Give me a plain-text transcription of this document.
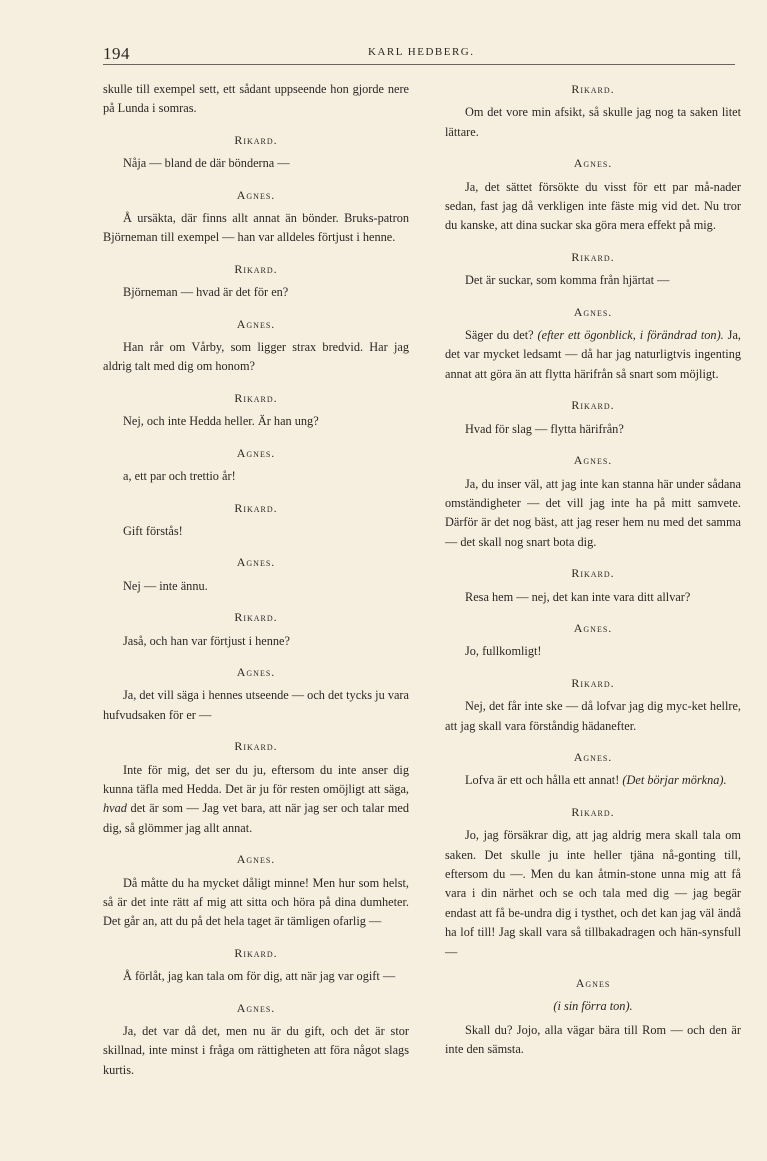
194	KARL HEDBERG.

skulle till exempel sett, ett sådant uppseende hon gjorde nere på Lunda i somras.

Rikard.

Nåja — bland de där bönderna —

Agnes.

Å ursäkta, där finns allt annat än bönder. Bruks-patron Björneman till exempel — han var alldeles förtjust i henne.

Rikard.

Björneman — hvad är det för en?

Agnes.

Han rår om Vårby, som ligger strax bredvid. Har jag aldrig talt med dig om honom?

Rikard.

Nej, och inte Hedda heller. Är han ung?

Agnes.

a, ett par och trettio år!

Rikard.

Gift förstås!

Agnes.

Nej — inte ännu.

Rikard.

Jaså, och han var förtjust i henne?

Agnes.

Ja, det vill säga i hennes utseende — och det tycks ju vara hufvudsaken för er —

Rikard.

Inte för mig, det ser du ju, eftersom du inte anser dig kunna täfla med Hedda. Det är ju för resten omöjligt att säga, hvad det är som — Jag vet bara, att när jag ser och talar med dig, så glömmer jag allt annat.

Agnes.

Då måtte du ha mycket dåligt minne! Men hur som helst, så är det inte rätt af mig att sitta och höra på dina dumheter. Det går an, att du på det hela taget är tämligen ofarlig —

Rikard.

Å förlåt, jag kan tala om för dig, att när jag var ogift —

Agnes.

Ja, det var då det, men nu är du gift, och det är stor skillnad, inte minst i fråga om rättigheten att föra något slags kurtis.

Rikard.

Om det vore min afsikt, så skulle jag nog ta saken litet lättare.

Agnes.

Ja, det sättet försökte du visst för ett par må-nader sedan, fast jag då verkligen inte fäste mig vid det. Nu tror du kanske, att dina suckar ska göra mera effekt på mig.

Rikard.

Det är suckar, som komma från hjärtat —

Agnes.

Säger du det? (efter ett ögonblick, i förändrad ton). Ja, det var mycket ledsamt — då har jag naturligtvis ingenting annat att göra än att flytta härifrån så snart som möjligt.

Rikard.

Hvad för slag — flytta härifrån?

Agnes.

Ja, du inser väl, att jag inte kan stanna här under sådana omständigheter — det vill jag inte ha på mitt samvete. Därför är det nog bäst, att jag reser hem nu med det samma — det skall nog snart bota dig.

Rikard.

Resa hem — nej, det kan inte vara ditt allvar?

Agnes.

Jo, fullkomligt!

Rikard.

Nej, det får inte ske — då lofvar jag dig myc-ket hellre, att jag skall vara förståndig hädanefter.

Agnes.

Lofva är ett och hålla ett annat! (Det börjar mörkna).

Rikard.

Jo, jag försäkrar dig, att jag aldrig mera skall tala om saken. Det skulle ju inte heller tjäna nå-gonting till, eftersom du —. Men du kan åtmin-stone unna mig att få vara i din närhet och se och tala med dig — jag begär endast att få be-undra dig i tysthet, och det kan jag väl ändå ha lof till! Jag skall vara så tillbakadragen och hän-synsfull —

Agnes

(i sin förra ton).

Skall du? Jojo, alla vägar bära till Rom — och den är inte den sämsta.
